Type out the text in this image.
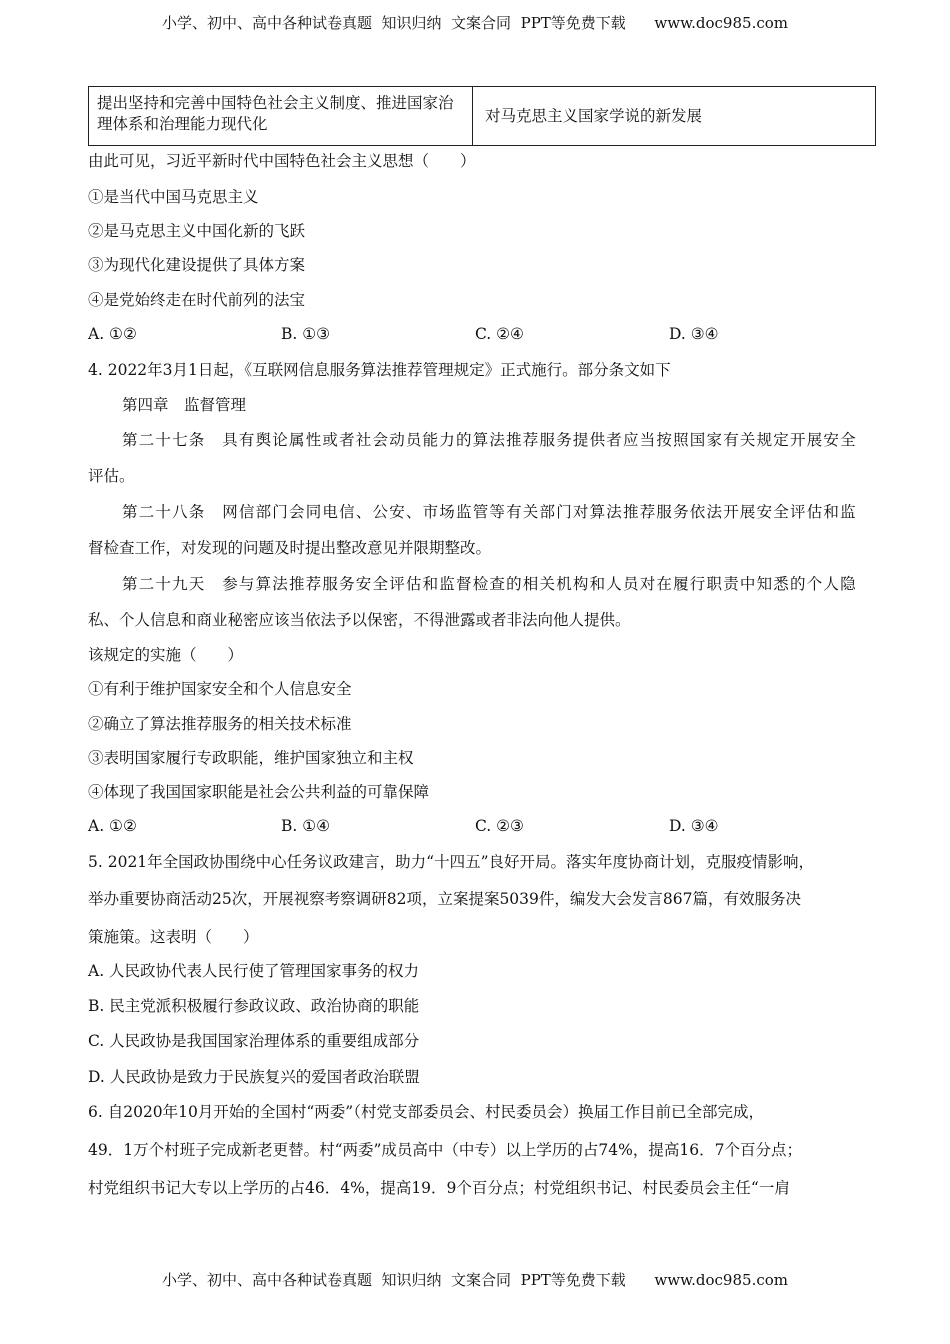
小学、初中、高中各种试卷真题  知识归纳  文案合同  PPT等免费下载      www.doc985.com
提出坚持和完善中国特色社会主义制度、推进国家治理体系和治理能力现代化	对马克思主义国家学说的新发展
由此可见，习近平新时代中国特色社会主义思想（　　）
①是当代中国马克思主义
②是马克思主义中国化新的飞跃
③为现代化建设提供了具体方案
④是党始终走在时代前列的法宝
A. ①②	B. ①③	C. ②④	D. ③④
4. 2022年3月1日起，《互联网信息服务算法推荐管理规定》正式施行。部分条文如下
第四章　监督管理
第二十七条　具有舆论属性或者社会动员能力的算法推荐服务提供者应当按照国家有关规定开展安全
评估。
第二十八条　网信部门会同电信、公安、市场监管等有关部门对算法推荐服务依法开展安全评估和监
督检查工作，对发现的问题及时提出整改意见并限期整改。
第二十九天　参与算法推荐服务安全评估和监督检查的相关机构和人员对在履行职责中知悉的个人隐
私、个人信息和商业秘密应该当依法予以保密，不得泄露或者非法向他人提供。
该规定的实施（　　）
①有利于维护国家安全和个人信息安全
②确立了算法推荐服务的相关技术标准
③表明国家履行专政职能，维护国家独立和主权
④体现了我国国家职能是社会公共利益的可靠保障
A. ①②	B. ①④	C. ②③	D. ③④
5. 2021年全国政协围绕中心任务议政建言，助力“十四五”良好开局。落实年度协商计划，克服疫情影响，
举办重要协商活动25次，开展视察考察调研82项，立案提案5039件，编发大会发言867篇，有效服务决
策施策。这表明（　　）
A. 人民政协代表人民行使了管理国家事务的权力
B. 民主党派积极履行参政议政、政治协商的职能
C. 人民政协是我国国家治理体系的重要组成部分
D. 人民政协是致力于民族复兴的爱国者政治联盟
6. 自2020年10月开始的全国村“两委”（村党支部委员会、村民委员会）换届工作目前已全部完成，
49．1万个村班子完成新老更替。村“两委”成员高中（中专）以上学历的占74%，提高16．7个百分点；
村党组织书记大专以上学历的占46．4%，提高19．9个百分点；村党组织书记、村民委员会主任“一肩
小学、初中、高中各种试卷真题  知识归纳  文案合同  PPT等免费下载      www.doc985.com
